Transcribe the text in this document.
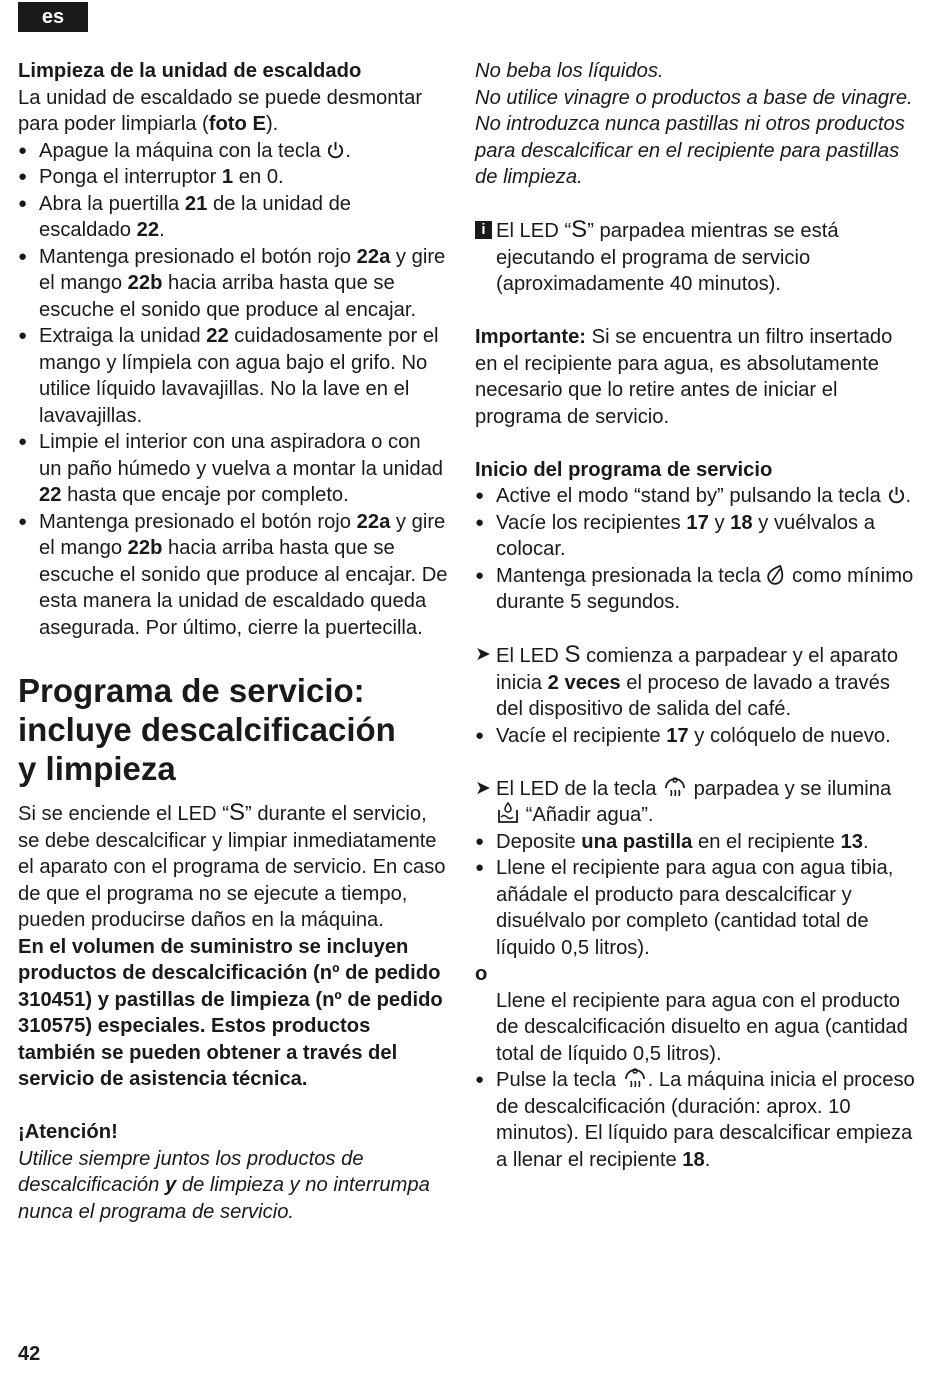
es

Limpieza de la unidad de escaldado

La unidad de escaldado se puede desmontar para poder limpiarla (foto E).

● Apague la máquina con la tecla .
● Ponga el interruptor 1 en 0.
● Abra la puertilla 21 de la unidad de escaldado 22.
● Mantenga presionado el botón rojo 22a y gire el mango 22b hacia arriba hasta que se escuche el sonido que produce al encajar.
● Extraiga la unidad 22 cuidadosamente por el mango y límpiela con agua bajo el grifo. No utilice líquido lavavajillas. No la lave en el lavavajillas.
● Limpie el interior con una aspiradora o con un paño húmedo y vuelva a montar la unidad 22 hasta que encaje por completo.
● Mantenga presionado el botón rojo 22a y gire el mango 22b hacia arriba hasta que se escuche el sonido que produce al encajar. De esta manera la unidad de escaldado queda asegurada. Por último, cierre la puertecilla.
Programa de servicio:
incluye descalcificación
y limpieza

Si se enciende el LED “S” durante el servicio, se debe descalcificar y limpiar inmediatamente el aparato con el programa de servicio. En caso de que el programa no se ejecute a tiempo, pueden producirse daños en la máquina.

En el volumen de suministro se incluyen productos de descalcificación (nº de pedido 310451) y pastillas de limpieza (nº de pedido 310575) especiales. Estos productos también se pueden obtener a través del servicio de asistencia técnica.

¡Atención!

Utilice siempre juntos los productos de descalcificación y de limpieza y no interrumpa nunca el programa de servicio.

No beba los líquidos.

No utilice vinagre o productos a base de vinagre.

No introduzca nunca pastillas ni otros productos para descalcificar en el recipiente para pastillas de limpieza.

i El LED “S” parpadea mientras se está ejecutando el programa de servicio (aproximadamente 40 minutos).

Importante: Si se encuentra un filtro insertado en el recipiente para agua, es absolutamente necesario que lo retire antes de iniciar el programa de servicio.

Inicio del programa de servicio

● Active el modo “stand by” pulsando la tecla .
● Vacíe los recipientes 17 y 18 y vuélvalos a colocar.
● Mantenga presionada la tecla  como mínimo durante 5 segundos.
➤ El LED S comienza a parpadear y el aparato inicia 2 veces el proceso de lavado a través del dispositivo de salida del café.
● Vacíe el recipiente 17 y colóquelo de nuevo.
➤ El LED de la tecla  parpadea y se ilumina  “Añadir agua”.
● Deposite una pastilla en el recipiente 13.
● Llene el recipiente para agua con agua tibia, añádale el producto para descalcificar y disuélvalo por completo (cantidad total de líquido 0,5 litros).

o

Llene el recipiente para agua con el producto de descalcificación disuelto en agua (cantidad total de líquido 0,5 litros).

● Pulse la tecla . La máquina inicia el proceso de descalcificación (duración: aprox. 10 minutos). El líquido para descalcificar empieza a llenar el recipiente 18.
42
